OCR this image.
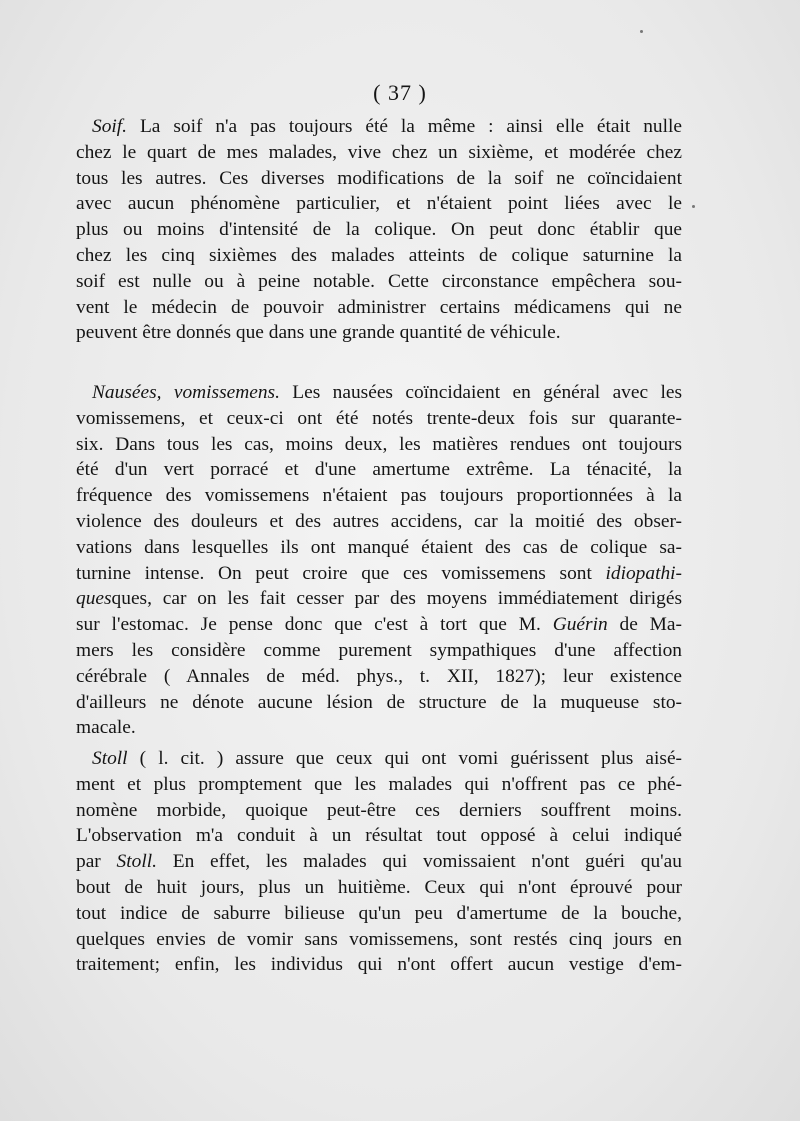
( 37 )
Soif. La soif n'a pas toujours été la même : ainsi elle était nulle
chez le quart de mes malades, vive chez un sixième, et modérée chez
tous les autres. Ces diverses modifications de la soif ne coïncidaient
avec aucun phénomène particulier, et n'étaient point liées avec le
plus ou moins d'intensité de la colique. On peut donc établir que
chez les cinq sixièmes des malades atteints de colique saturnine la
soif est nulle ou à peine notable. Cette circonstance empêchera sou-
vent le médecin de pouvoir administrer certains médicamens qui ne
peuvent être donnés que dans une grande quantité de véhicule.
Nausées, vomissemens. Les nausées coïncidaient en général avec les
vomissemens, et ceux-ci ont été notés trente-deux fois sur quarante-
six. Dans tous les cas, moins deux, les matières rendues ont toujours
été d'un vert porracé et d'une amertume extrême. La ténacité, la
fréquence des vomissemens n'étaient pas toujours proportionnées à la
violence des douleurs et des autres accidens, car la moitié des obser-
vations dans lesquelles ils ont manqué étaient des cas de colique sa-
turnine intense. On peut croire que ces vomissemens sont idiopathi-
quesques, car on les fait cesser par des moyens immédiatement dirigés
sur l'estomac. Je pense donc que c'est à tort que M. Guérin de Ma-
mers les considère comme purement sympathiques d'une affection
cérébrale ( Annales de méd. phys., t. XII, 1827); leur existence
d'ailleurs ne dénote aucune lésion de structure de la muqueuse sto-
macale.
Stoll ( l. cit. ) assure que ceux qui ont vomi guérissent plus aisé-
ment et plus promptement que les malades qui n'offrent pas ce phé-
nomène morbide, quoique peut-être ces derniers souffrent moins.
L'observation m'a conduit à un résultat tout opposé à celui indiqué
par Stoll. En effet, les malades qui vomissaient n'ont guéri qu'au
bout de huit jours, plus un huitième. Ceux qui n'ont éprouvé pour
tout indice de saburre bilieuse qu'un peu d'amertume de la bouche,
quelques envies de vomir sans vomissemens, sont restés cinq jours en
traitement; enfin, les individus qui n'ont offert aucun vestige d'em-
